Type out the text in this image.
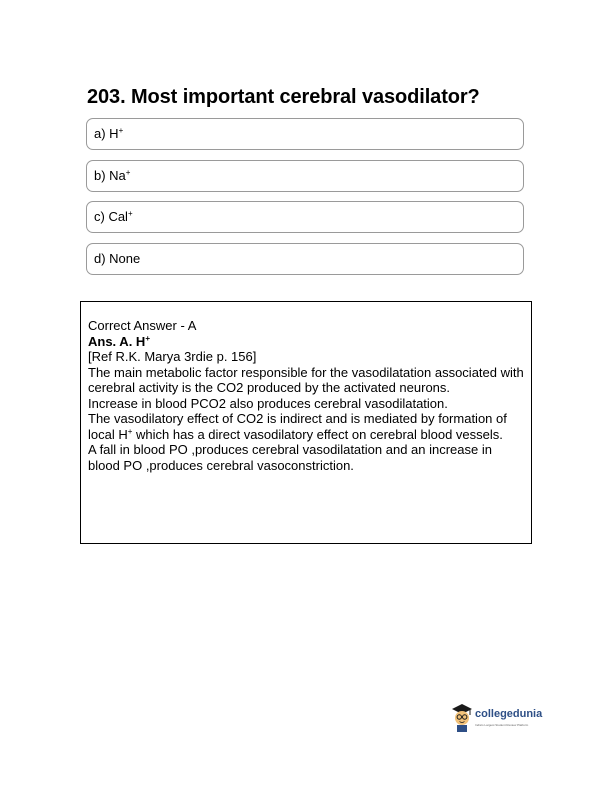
203. Most important cerebral vasodilator?
a) H+
b) Na+
c) Cal+
d) None

Correct Answer - A

Ans. A. H+

[Ref R.K. Marya 3rdie p. 156]

The main metabolic factor responsible for the vasodilatation associated with cerebral activity is the CO2 produced by the activated neurons.

Increase in blood PCO2 also produces cerebral vasodilatation.

The vasodilatory effect of CO2 is indirect and is mediated by formation of local H+ which has a direct vasodilatory effect on cerebral blood vessels.

A fall in blood PO ,produces cerebral vasodilatation and an increase in blood PO ,produces cerebral vasoconstriction.

collegedunia
India's Largest Student Review Platform
